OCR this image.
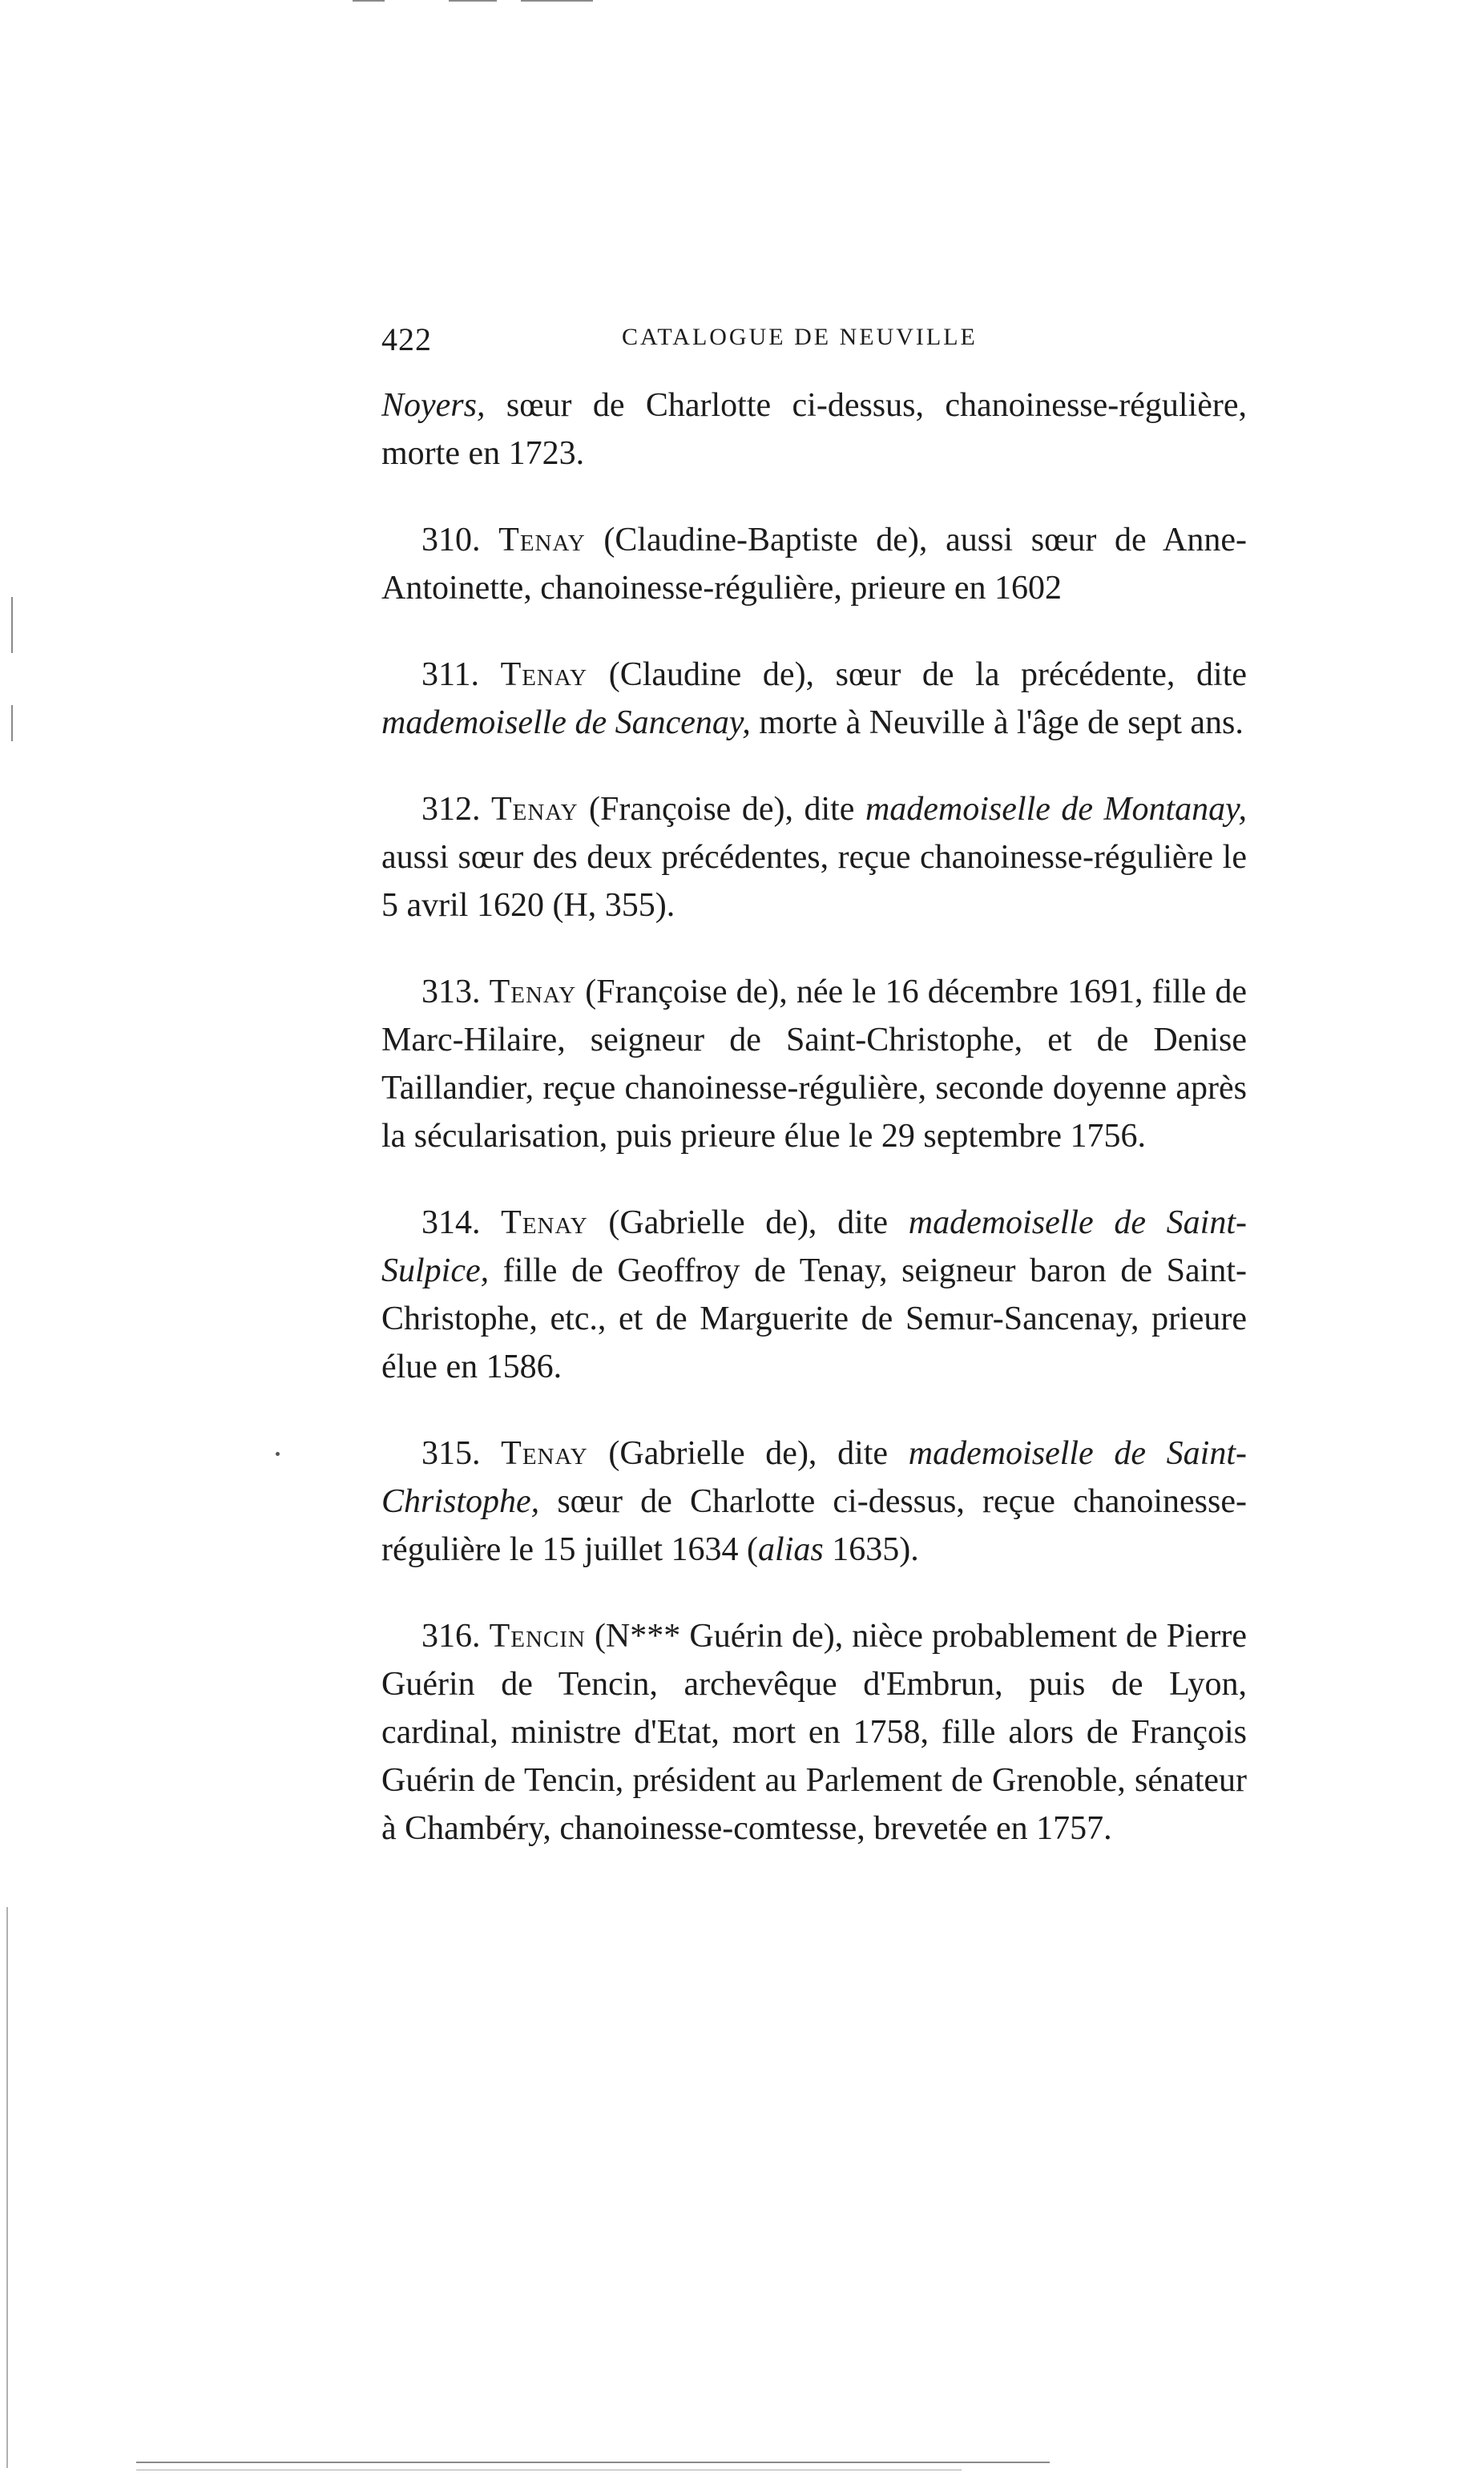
422	CATALOGUE DE NEUVILLE

Noyers, sœur de Charlotte ci-dessus, chanoinesse-régulière, morte en 1723.

310. Tenay (Claudine-Baptiste de), aussi sœur de Anne-Antoinette, chanoinesse-régulière, prieure en 1602

311. Tenay (Claudine de), sœur de la précédente, dite mademoiselle de Sancenay, morte à Neuville à l'âge de sept ans.

312. Tenay (Françoise de), dite mademoiselle de Montanay, aussi sœur des deux précédentes, reçue chanoinesse-régulière le 5 avril 1620 (H, 355).

313. Tenay (Françoise de), née le 16 décembre 1691, fille de Marc-Hilaire, seigneur de Saint-Christophe, et de Denise Taillandier, reçue chanoinesse-régulière, seconde doyenne après la sécularisation, puis prieure élue le 29 septembre 1756.

314. Tenay (Gabrielle de), dite mademoiselle de Saint-Sulpice, fille de Geoffroy de Tenay, seigneur baron de Saint-Christophe, etc., et de Marguerite de Semur-Sancenay, prieure élue en 1586.

315. Tenay (Gabrielle de), dite mademoiselle de Saint-Christophe, sœur de Charlotte ci-dessus, reçue chanoinesse-régulière le 15 juillet 1634 (alias 1635).

316. Tencin (N*** Guérin de), nièce probablement de Pierre Guérin de Tencin, archevêque d'Embrun, puis de Lyon, cardinal, ministre d'Etat, mort en 1758, fille alors de François Guérin de Tencin, président au Parlement de Grenoble, sénateur à Chambéry, chanoinesse-comtesse, brevetée en 1757.
